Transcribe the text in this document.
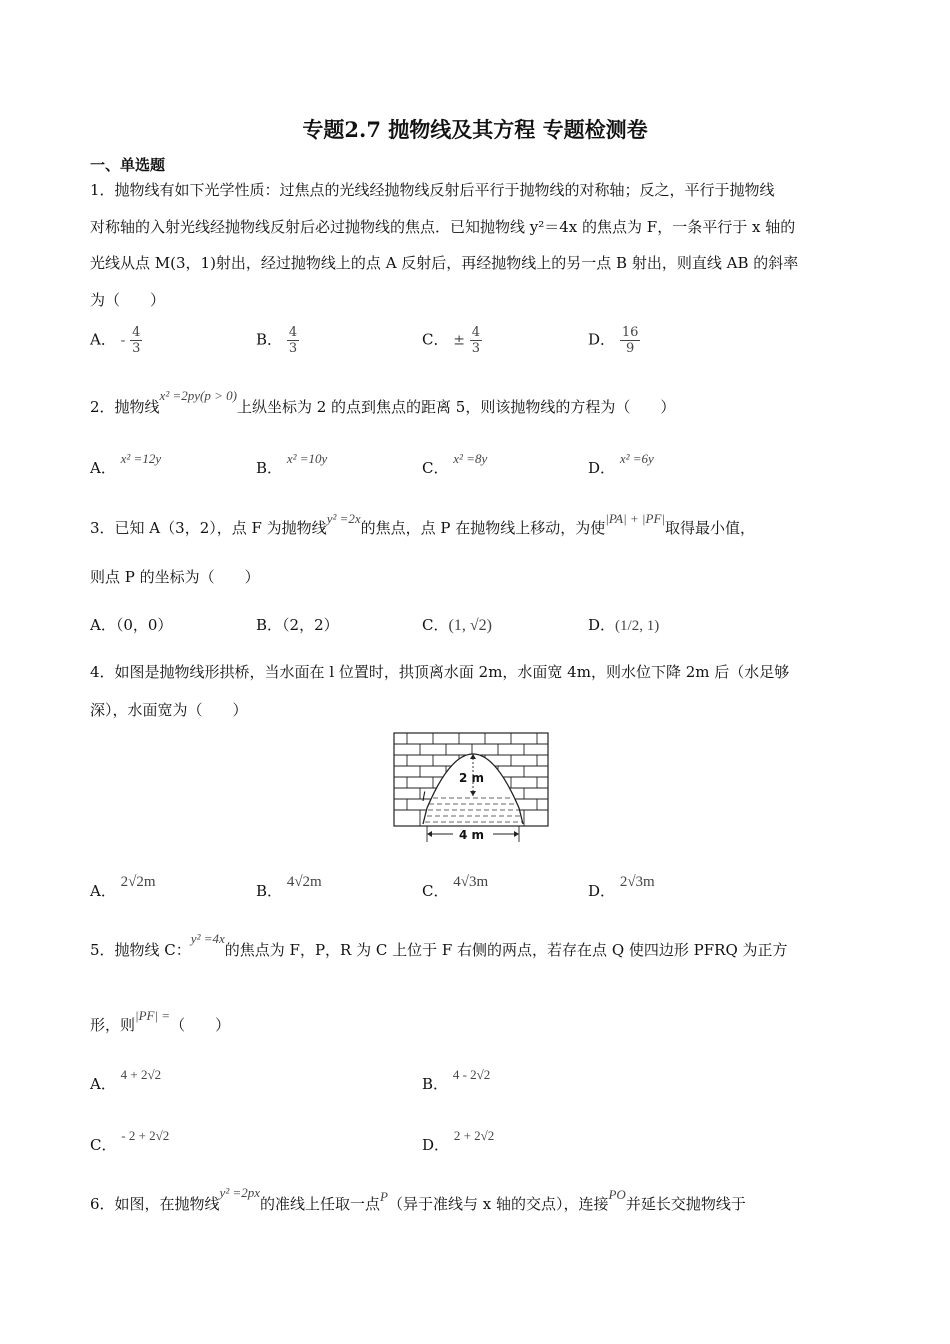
专题2.7 抛物线及其方程 专题检测卷
一、单选题
1．抛物线有如下光学性质：过焦点的光线经抛物线反射后平行于抛物线的对称轴；反之，平行于抛物线
对称轴的入射光线经抛物线反射后必过抛物线的焦点．已知抛物线 y²＝4x 的焦点为 F，一条平行于 x 轴的
光线从点 M(3，1)射出，经过抛物线上的点 A 反射后，再经抛物线上的另一点 B 射出，则直线 AB 的斜率
为（　　）
A． - $\frac{4}{3}$	B． $\frac{4}{3}$	C． ± $\frac{4}{3}$	D． $\frac{16}{9}$
2．抛物线x² =2py(p > 0)上纵坐标为 2 的点到焦点的距离 5，则该抛物线的方程为（　　）
A． x² =12y
B． x² =10y
C． x² =8y
D． x² =6y
3．已知 A（3，2），点 F 为抛物线y² =2x的焦点，点 P 在抛物线上移动，为使|PA| + |PF|取得最小值，
则点 P 的坐标为（　　）
A．（0，0）	B．（2，2）	C．(1, √2)	D．(1/2, 1)
4．如图是抛物线形拱桥，当水面在 l 位置时，拱顶离水面 2m，水面宽 4m，则水位下降 2m 后（水足够
深），水面宽为（　　）
2 m
l
4 m
A． 2√2m	B． 4√2m	C． 4√3m	D． 2√3m
5．抛物线 C：y² =4x的焦点为 F，P，R 为 C 上位于 F 右侧的两点，若存在点 Q 使四边形 PFRQ 为正方
形，则|PF| =（　　）
A． 4 + 2√2
B． 4 - 2√2
C． - 2 + 2√2
D． 2 + 2√2
6．如图，在抛物线y² =2px的准线上任取一点P（异于准线与 x 轴的交点），连接PO并延长交抛物线于
